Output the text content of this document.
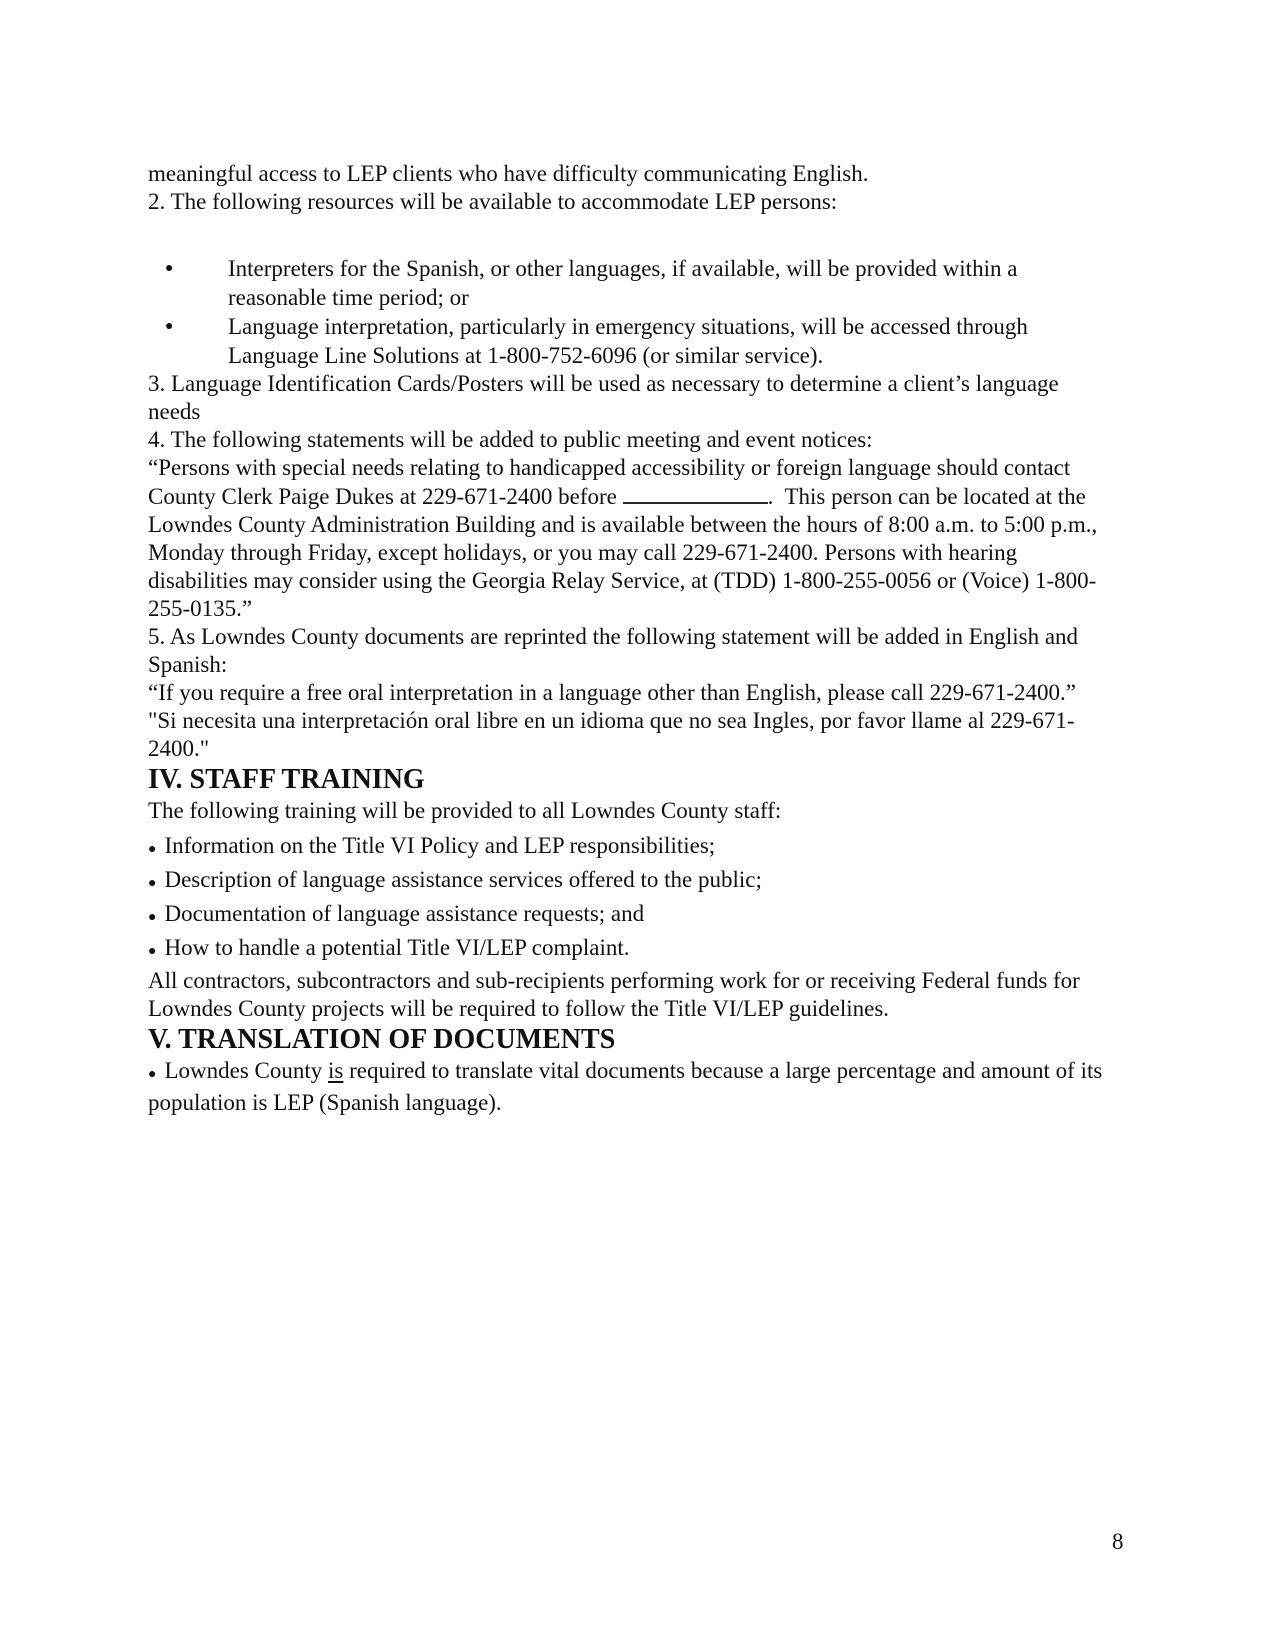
meaningful access to LEP clients who have difficulty communicating English.

2. The following resources will be available to accommodate LEP persons:

●	Interpreters for the Spanish, or other languages, if available, will be provided within a reasonable time period; or
●	Language interpretation, particularly in emergency situations, will be accessed through Language Line Solutions at 1-800-752-6096 (or similar service).

3. Language Identification Cards/Posters will be used as necessary to determine a client’s language needs

4. The following statements will be added to public meeting and event notices:

“Persons with special needs relating to handicapped accessibility or foreign language should contact County Clerk Paige Dukes at 229-671-2400 before	.  This person can be located at the Lowndes County Administration Building and is available between the hours of 8:00 a.m. to 5:00 p.m., Monday through Friday, except holidays, or you may call 229-671-2400. Persons with hearing disabilities may consider using the Georgia Relay Service, at (TDD) 1-800-255-0056 or (Voice) 1-800-255-0135.”

5. As Lowndes County documents are reprinted the following statement will be added in English and Spanish:

“If you require a free oral interpretation in a language other than English, please call 229-671-2400.”

"Si necesita una interpretación oral libre en un idioma que no sea Ingles, por favor llame al 229-671-2400."

IV. STAFF TRAINING

The following training will be provided to all Lowndes County staff:

● Information on the Title VI Policy and LEP responsibilities;
● Description of language assistance services offered to the public;
● Documentation of language assistance requests; and
● How to handle a potential Title VI/LEP complaint.

All contractors, subcontractors and sub-recipients performing work for or receiving Federal funds for Lowndes County projects will be required to follow the Title VI/LEP guidelines.

V. TRANSLATION OF DOCUMENTS

● Lowndes County is required to translate vital documents because a large percentage and amount of its population is LEP (Spanish language).

8
